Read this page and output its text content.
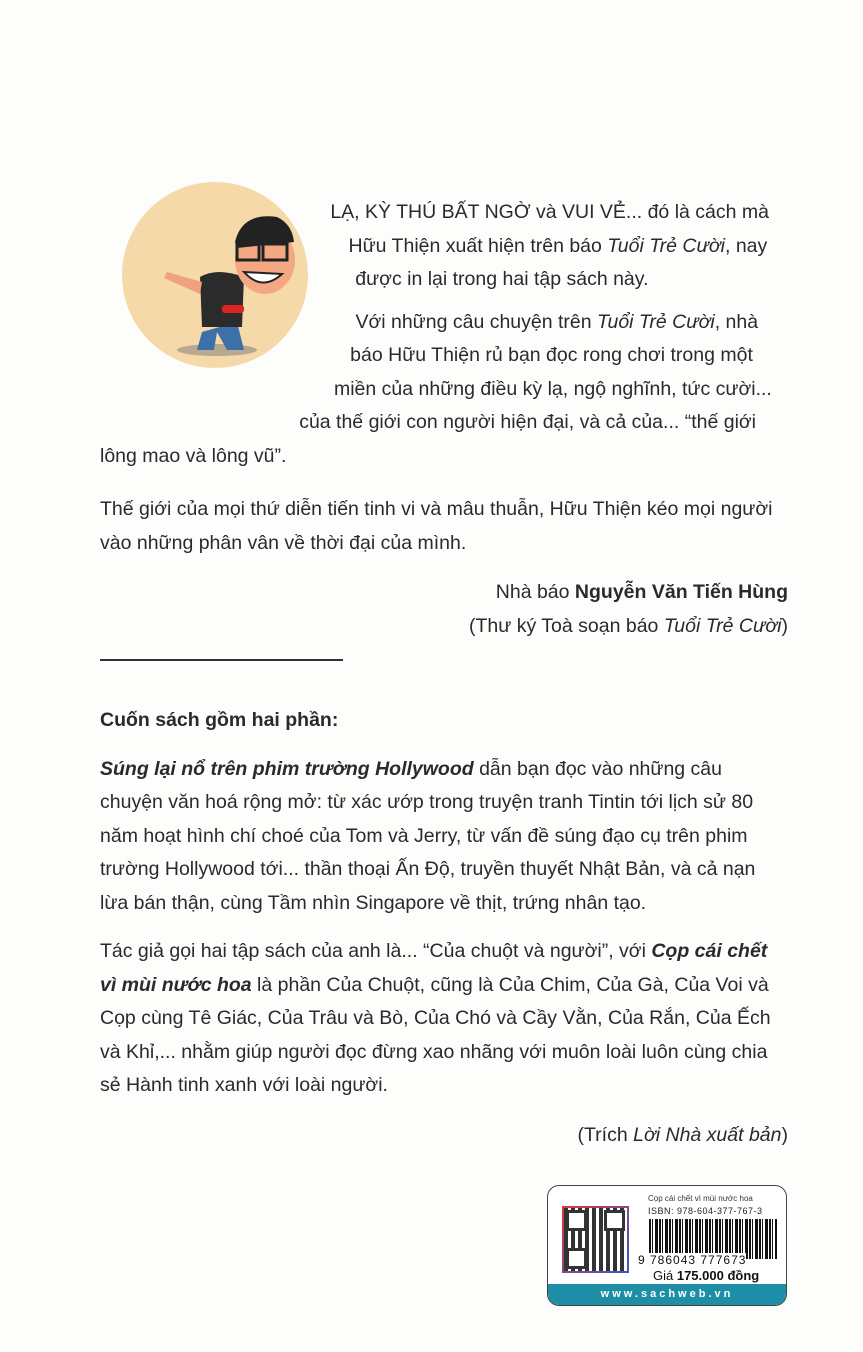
LẠ, KỲ THÚ BẤT NGỜ và VUI VẺ... đó là cách mà Hữu Thiện xuất hiện trên báo Tuổi Trẻ Cười, nay được in lại trong hai tập sách này.

Với những câu chuyện trên Tuổi Trẻ Cười, nhà báo Hữu Thiện rủ bạn đọc rong chơi trong một miền của những điều kỳ lạ, ngộ nghĩnh, tức cười... của thế giới con người hiện đại, và cả của... “thế giới lông mao và lông vũ”.

Thế giới của mọi thứ diễn tiến tinh vi và mâu thuẫn, Hữu Thiện kéo mọi người vào những phân vân về thời đại của mình.

Nhà báo Nguyễn Văn Tiến Hùng

(Thư ký Toà soạn báo Tuổi Trẻ Cười)

Cuốn sách gồm hai phần:

Súng lại nổ trên phim trường Hollywood dẫn bạn đọc vào những câu chuyện văn hoá rộng mở: từ xác ướp trong truyện tranh Tintin tới lịch sử 80 năm hoạt hình chí choé của Tom và Jerry, từ vấn đề súng đạo cụ trên phim trường Hollywood tới... thần thoại Ấn Độ, truyền thuyết Nhật Bản, và cả nạn lừa bán thận, cùng Tầm nhìn Singapore về thịt, trứng nhân tạo.

Tác giả gọi hai tập sách của anh là... “Của chuột và người”, với Cọp cái chết vì mùi nước hoa là phần Của Chuột, cũng là Của Chim, Của Gà, Của Voi và Cọp cùng Tê Giác, Của Trâu và Bò, Của Chó và Cầy Vằn, Của Rắn, Của Ếch và Khỉ,... nhằm giúp người đọc đừng xao nhãng với muôn loài luôn cùng chia sẻ Hành tinh xanh với loài người.

(Trích Lời Nhà xuất bản)

Cọp cái chết vì mùi nước hoa
ISBN: 978-604-377-767-3
9 786043 777673
Giá 175.000 đồng
www.sachweb.vn
